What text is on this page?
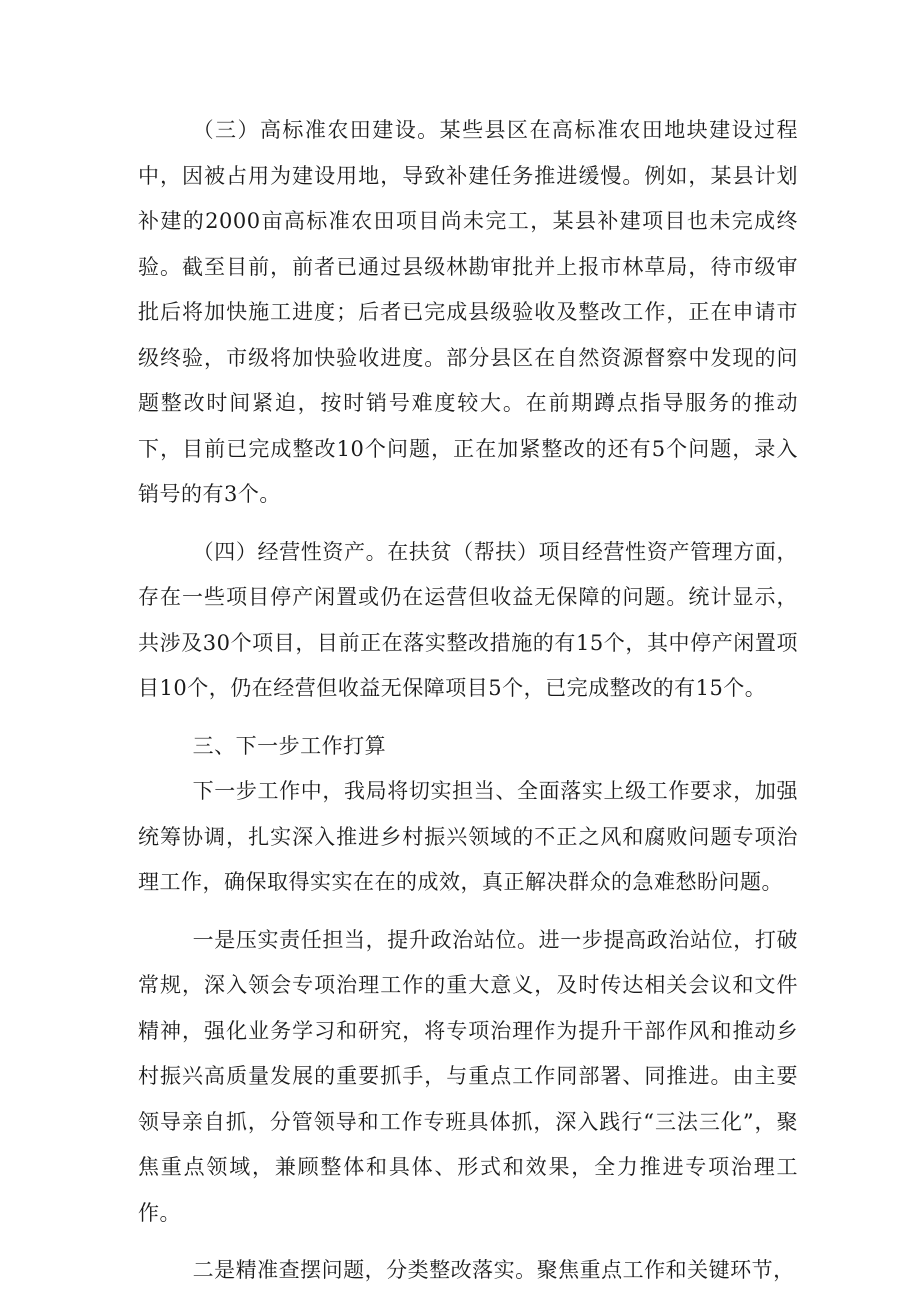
（三）高标准农田建设。某些县区在高标准农田地块建设过程中，因被占用为建设用地，导致补建任务推进缓慢。例如，某县计划补建的2000亩高标准农田项目尚未完工，某县补建项目也未完成终验。截至目前，前者已通过县级林勘审批并上报市林草局，待市级审批后将加快施工进度；后者已完成县级验收及整改工作，正在申请市级终验，市级将加快验收进度。部分县区在自然资源督察中发现的问题整改时间紧迫，按时销号难度较大。在前期蹲点指导服务的推动下，目前已完成整改10个问题，正在加紧整改的还有5个问题，录入销号的有3个。

（四）经营性资产。在扶贫（帮扶）项目经营性资产管理方面，存在一些项目停产闲置或仍在运营但收益无保障的问题。统计显示，共涉及30个项目，目前正在落实整改措施的有15个，其中停产闲置项目10个，仍在经营但收益无保障项目5个，已完成整改的有15个。

三、下一步工作打算

下一步工作中，我局将切实担当、全面落实上级工作要求，加强统筹协调，扎实深入推进乡村振兴领域的不正之风和腐败问题专项治理工作，确保取得实实在在的成效，真正解决群众的急难愁盼问题。

一是压实责任担当，提升政治站位。进一步提高政治站位，打破常规，深入领会专项治理工作的重大意义，及时传达相关会议和文件精神，强化业务学习和研究，将专项治理作为提升干部作风和推动乡村振兴高质量发展的重要抓手，与重点工作同部署、同推进。由主要领导亲自抓，分管领导和工作专班具体抓，深入践行“三法三化”，聚焦重点领域，兼顾整体和具体、形式和效果，全力推进专项治理工作。

二是精准查摆问题，分类整改落实。聚焦重点工作和关键环节，
